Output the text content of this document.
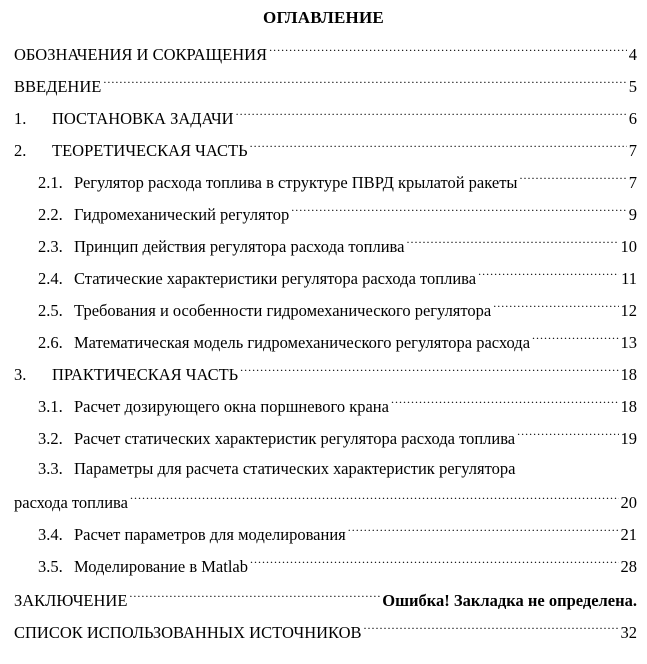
ОГЛАВЛЕНИЕ
ОБОЗНАЧЕНИЯ И СОКРАЩЕНИЯ .....	4
ВВЕДЕНИЕ .....	5
1.	ПОСТАНОВКА ЗАДАЧИ .....	6
2.	ТЕОРЕТИЧЕСКАЯ ЧАСТЬ .....	7
2.1. Регулятор расхода топлива в структуре ПВРД крылатой ракеты .....	7
2.2. Гидромеханический регулятор .....	9
2.3. Принцип действия регулятора расхода топлива .....	10
2.4. Статические характеристики регулятора расхода топлива .....	11
2.5. Требования и особенности гидромеханического регулятора .....	12
2.6. Математическая модель гидромеханического регулятора расхода .....	13
3.	ПРАКТИЧЕСКАЯ ЧАСТЬ .....	18
3.1. Расчет дозирующего окна поршневого крана .....	18
3.2. Расчет статических характеристик регулятора расхода топлива .....	19
3.3. Параметры для расчета статических характеристик регулятора
расхода топлива .....	20
3.4. Расчет параметров для моделирования .....	21
3.5. Моделирование в Matlab .....	28
ЗАКЛЮЧЕНИЕ .....	Ошибка! Закладка не определена.
СПИСОК ИСПОЛЬЗОВАННЫХ ИСТОЧНИКОВ .....	32
